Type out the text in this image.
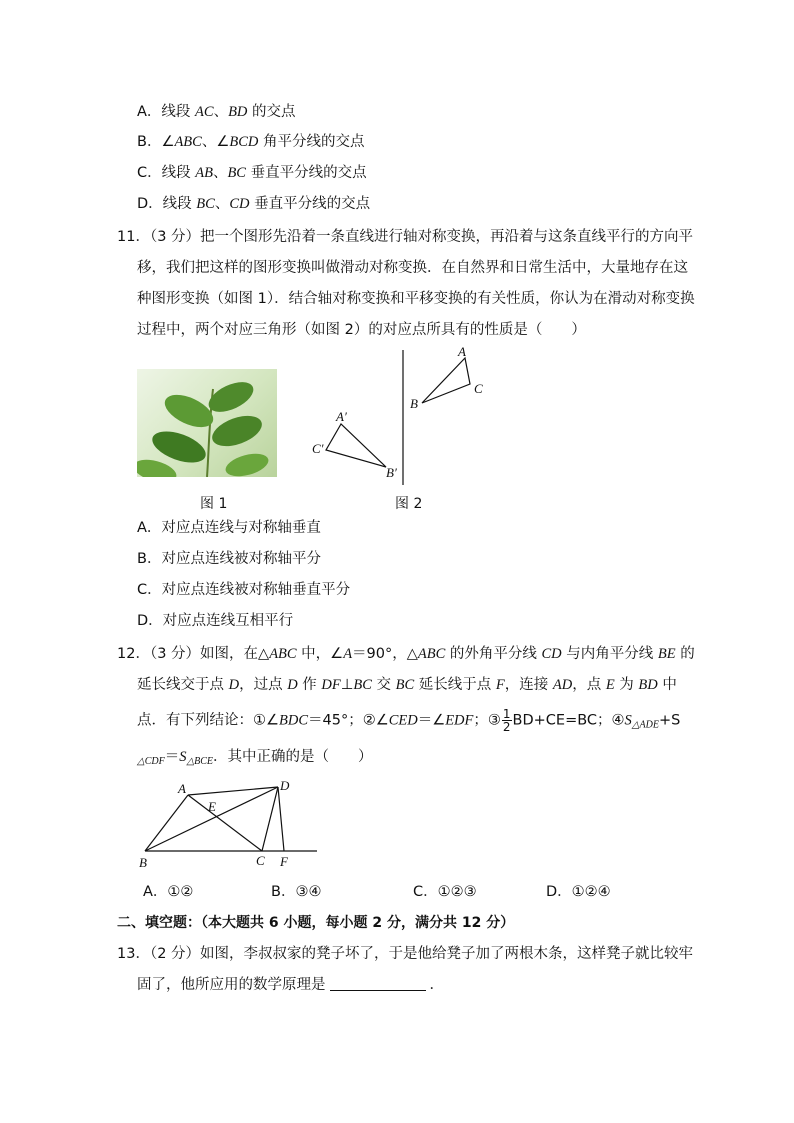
A．线段 AC、BD 的交点
B．∠ABC、∠BCD 角平分线的交点
C．线段 AB、BC 垂直平分线的交点
D．线段 BC、CD 垂直平分线的交点
11．（3 分）把一个图形先沿着一条直线进行轴对称变换，再沿着与这条直线平行的方向平
移，我们把这样的图形变换叫做滑动对称变换．在自然界和日常生活中，大量地存在这
种图形变换（如图 1）．结合轴对称变换和平移变换的有关性质，你认为在滑动对称变换
过程中，两个对应三角形（如图 2）的对应点所具有的性质是（　　）
图 1
A
B
C
A′
C′
B′
图 2
A．对应点连线与对称轴垂直
B．对应点连线被对称轴平分
C．对应点连线被对称轴垂直平分
D．对应点连线互相平行
12．（3 分）如图，在△ABC 中，∠A＝90°，△ABC 的外角平分线 CD 与内角平分线 BE 的
延长线交于点 D，过点 D 作 DF⊥BC 交 BC 延长线于点 F，连接 AD，点 E 为 BD 中
点．有下列结论：①∠BDC＝45°；②∠CED＝∠EDF；③ $\frac{1}{2} BD+CE=BC$；$④S_{\triangle ADE}+S$
$_{\triangle CDF}=S_{\triangle BCE}$．其中正确的是（　　）
A
B	C
D
E
F
A．①②	B．③④	C．①②③	D．①②④
二、填空题：（本大题共 6 小题，每小题 2 分，满分共 12 分）
13．（2 分）如图，李叔叔家的凳子坏了，于是他给凳子加了两根木条，这样凳子就比较牢
固了，他所应用的数学原理是	．
